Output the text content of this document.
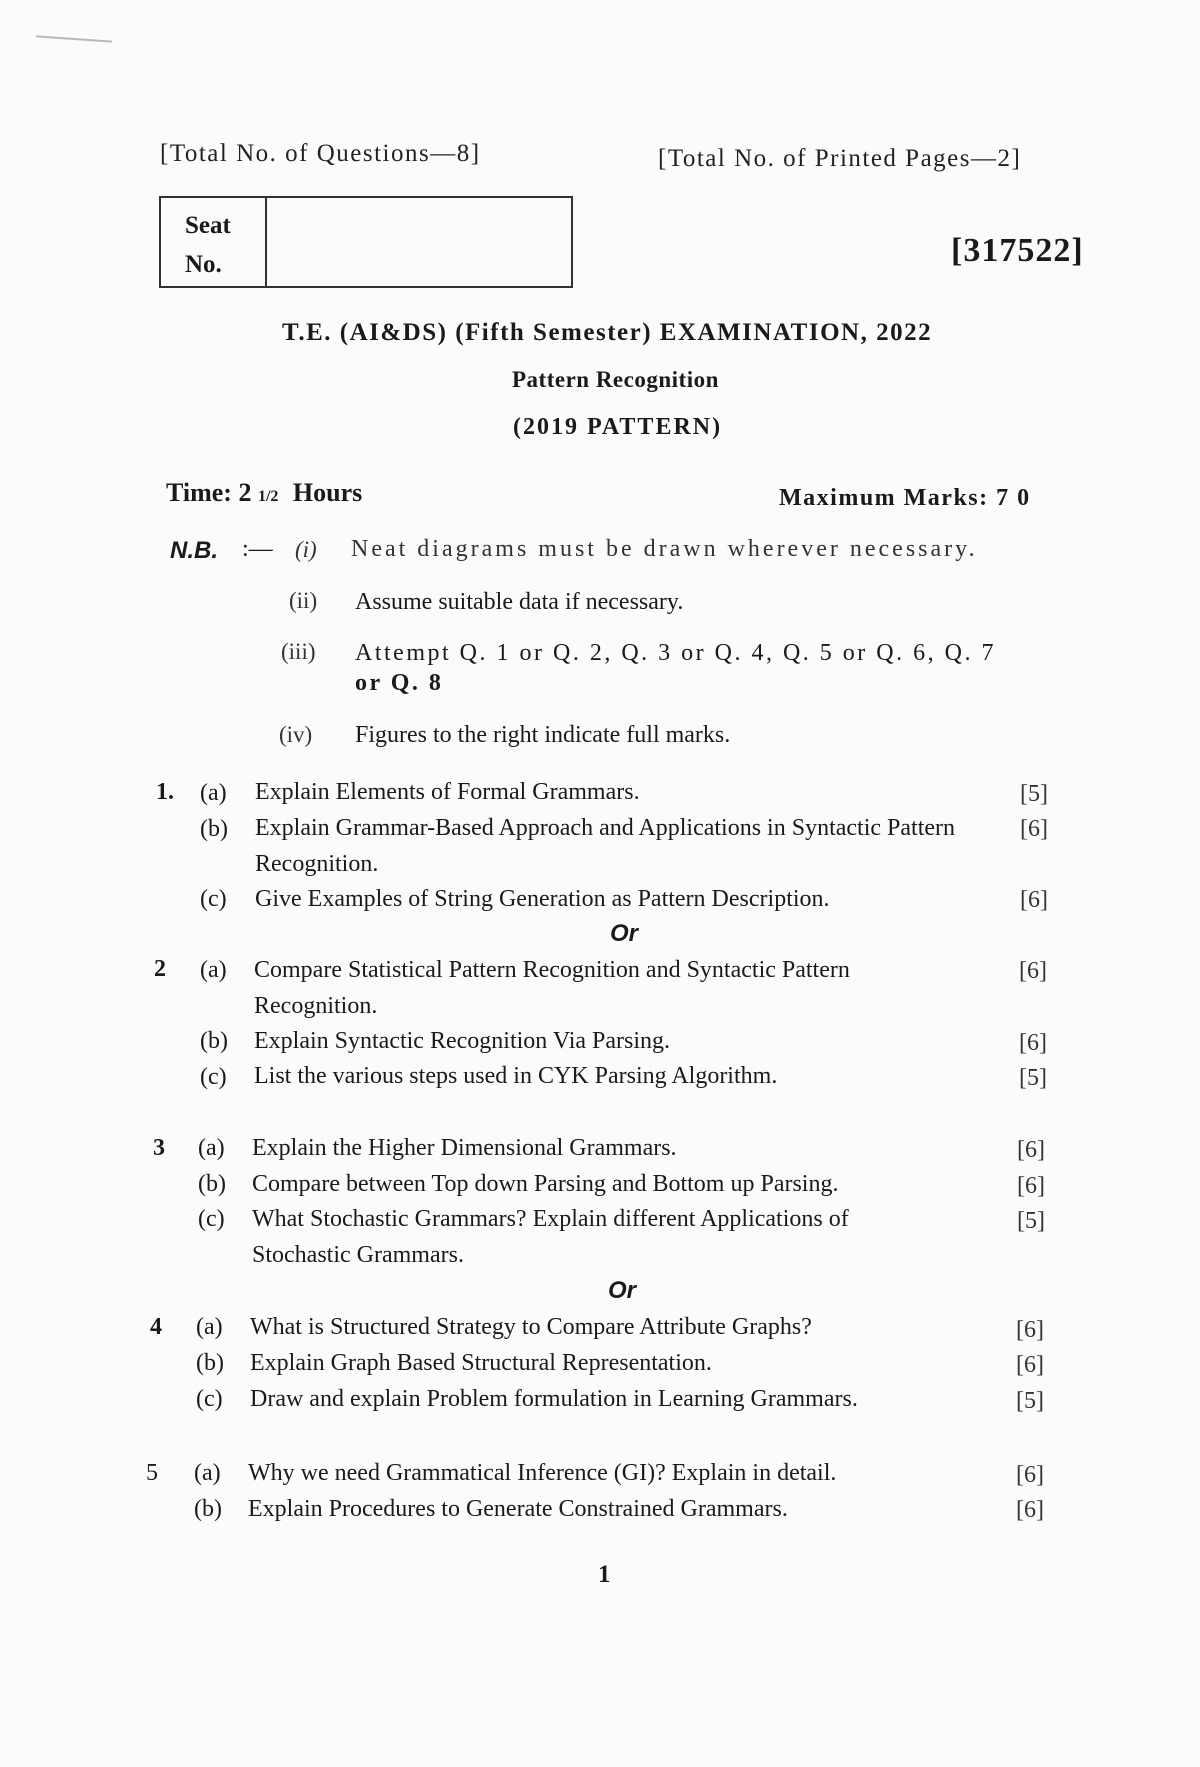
[Total No. of Questions—8]	[Total No. of Printed Pages—2]
Seat
No.	[317522]
T.E. (AI&DS) (Fifth Semester) EXAMINATION, 2022
Pattern Recognition
(2019 PATTERN)
Time: 2 1/2 Hours	Maximum Marks: 7 0
N.B. :— (i) Neat diagrams must be drawn wherever necessary.
(ii) Assume suitable data if necessary.
(iii) Attempt Q. 1 or Q. 2, Q. 3 or Q. 4, Q. 5 or Q. 6, Q. 7
or Q. 8
(iv) Figures to the right indicate full marks.
1. (a) Explain Elements of Formal Grammars.	[5]
(b) Explain Grammar-Based Approach and Applications in Syntactic Pattern Recognition.
[6]
(c) Give Examples of String Generation as Pattern Description.	[6]
Or
2 (a) Compare Statistical Pattern Recognition and Syntactic Pattern Recognition.
[6]
(b) Explain Syntactic Recognition Via Parsing.	[6]
(c) List the various steps used in CYK Parsing Algorithm.	[5]
3 (a) Explain the Higher Dimensional Grammars.	[6]
(b) Compare between Top down Parsing and Bottom up Parsing.	[6]
(c) What Stochastic Grammars? Explain different Applications of Stochastic Grammars.
[5]
Or
4 (a) What is Structured Strategy to Compare Attribute Graphs?	[6]
(b) Explain Graph Based Structural Representation.	[6]
(c) Draw and explain Problem formulation in Learning Grammars.	[5]
5 (a) Why we need Grammatical Inference (GI)? Explain in detail.	[6]
(b) Explain Procedures to Generate Constrained Grammars.	[6]
1
